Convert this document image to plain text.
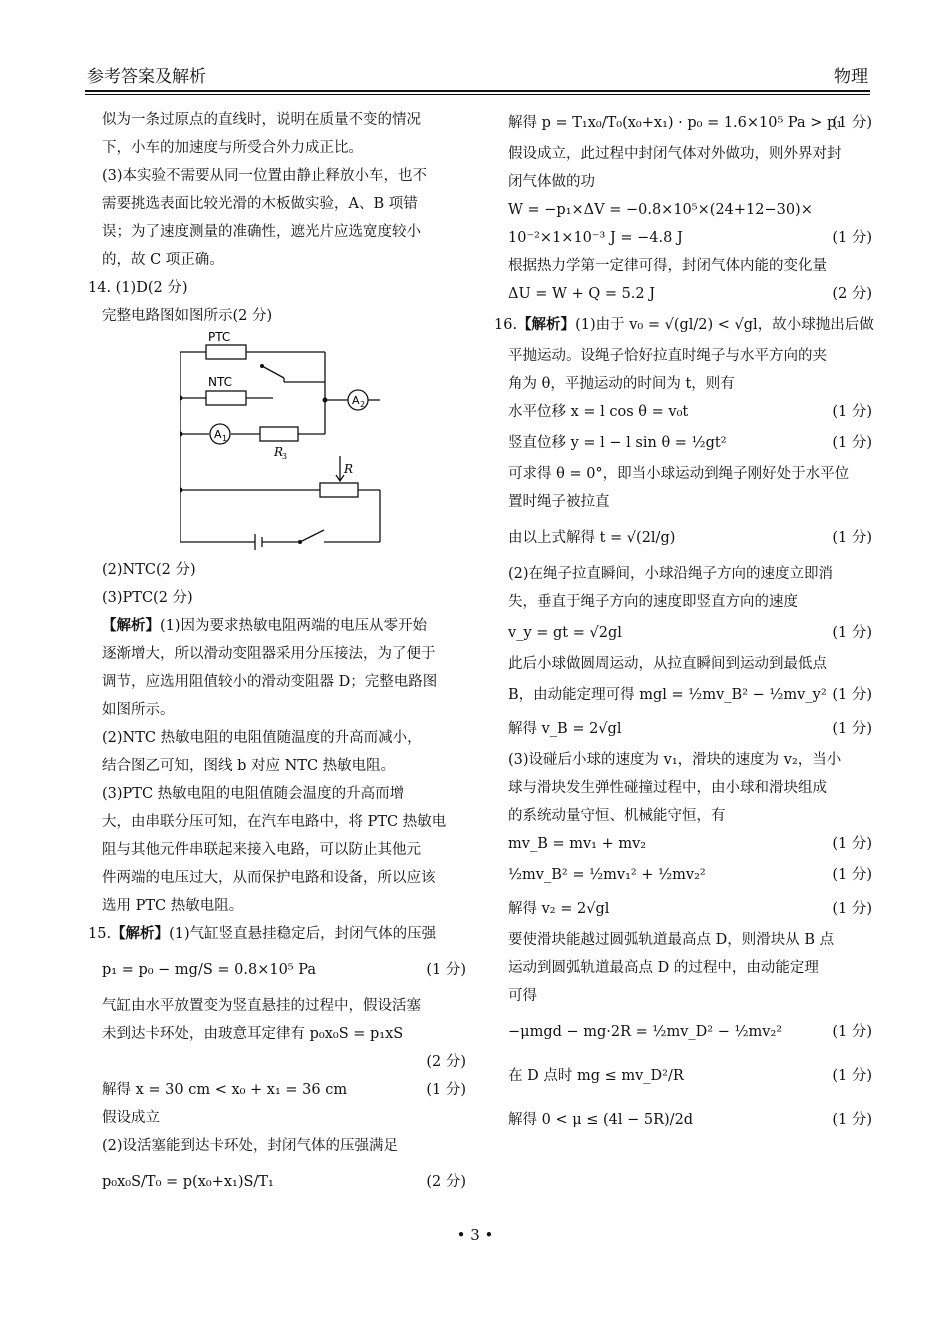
参考答案及解析	物理
似为一条过原点的直线时，说明在质量不变的情况
下，小车的加速度与所受合外力成正比。
(3)本实验不需要从同一位置由静止释放小车，也不
需要挑选表面比较光滑的木板做实验，A、B 项错
误；为了速度测量的准确性，遮光片应选宽度较小
的，故 C 项正确。
14. (1)D(2 分)
完整电路图如图所示(2 分)
PTC
NTC
A 2
A 1
R
3
R
(2)NTC(2 分)
(3)PTC(2 分)
【解析】(1)因为要求热敏电阻两端的电压从零开始
逐渐增大，所以滑动变阻器采用分压接法，为了便于
调节，应选用阻值较小的滑动变阻器 D；完整电路图
如图所示。
(2)NTC 热敏电阻的电阻值随温度的升高而减小，
结合图乙可知，图线 b 对应 NTC 热敏电阻。
(3)PTC 热敏电阻的电阻值随会温度的升高而增
大，由串联分压可知，在汽车电路中，将 PTC 热敏电
阻与其他元件串联起来接入电路，可以防止其他元
件两端的电压过大，从而保护电路和设备，所以应该
选用 PTC 热敏电阻。
15.【解析】(1)气缸竖直悬挂稳定后，封闭气体的压强
p₁ = p₀ − mg/S = 0.8×10⁵ Pa	(1 分)
气缸由水平放置变为竖直悬挂的过程中，假设活塞
未到达卡环处，由玻意耳定律有 p₀x₀S = p₁xS
(2 分)
解得 x = 30 cm < x₀ + x₁ = 36 cm	(1 分)
假设成立
(2)设活塞能到达卡环处，封闭气体的压强满足
p₀x₀S/T₀ = p(x₀+x₁)S/T₁	(2 分)
解得 p = T₁x₀/T₀(x₀+x₁) · p₀ = 1.6×10⁵ Pa > p₁
(1 分)
假设成立，此过程中封闭气体对外做功，则外界对封
闭气体做的功
W = −p₁×ΔV = −0.8×10⁵×(24+12−30)×
10⁻²×1×10⁻³ J = −4.8 J	(1 分)
根据热力学第一定律可得，封闭气体内能的变化量
ΔU = W + Q = 5.2 J	(2 分)
16.【解析】(1)由于 v₀ = √(gl/2) < √gl，故小球抛出后做
平抛运动。设绳子恰好拉直时绳子与水平方向的夹
角为 θ，平抛运动的时间为 t，则有
水平位移 x = l cos θ = v₀t	(1 分)
竖直位移 y = l − l sin θ = ½gt²	(1 分)
可求得 θ = 0°，即当小球运动到绳子刚好处于水平位
置时绳子被拉直
由以上式解得 t = √(2l/g)	(1 分)
(2)在绳子拉直瞬间，小球沿绳子方向的速度立即消
失，垂直于绳子方向的速度即竖直方向的速度
v_y = gt = √2gl	(1 分)
此后小球做圆周运动，从拉直瞬间到运动到最低点
B，由动能定理可得 mgl = ½mv_B² − ½mv_y² (1 分)
解得 v_B = 2√gl	(1 分)
(3)设碰后小球的速度为 v₁，滑块的速度为 v₂，当小
球与滑块发生弹性碰撞过程中，由小球和滑块组成
的系统动量守恒、机械能守恒，有
mv_B = mv₁ + mv₂	(1 分)
½mv_B² = ½mv₁² + ½mv₂²	(1 分)
解得 v₂ = 2√gl	(1 分)
要使滑块能越过圆弧轨道最高点 D，则滑块从 B 点
运动到圆弧轨道最高点 D 的过程中，由动能定理
可得
−μmgd − mg·2R = ½mv_D² − ½mv₂²	(1 分)
在 D 点时 mg ≤ mv_D²/R	(1 分)
解得 0 < μ ≤ (4l − 5R)/2d	(1 分)
• 3 •
